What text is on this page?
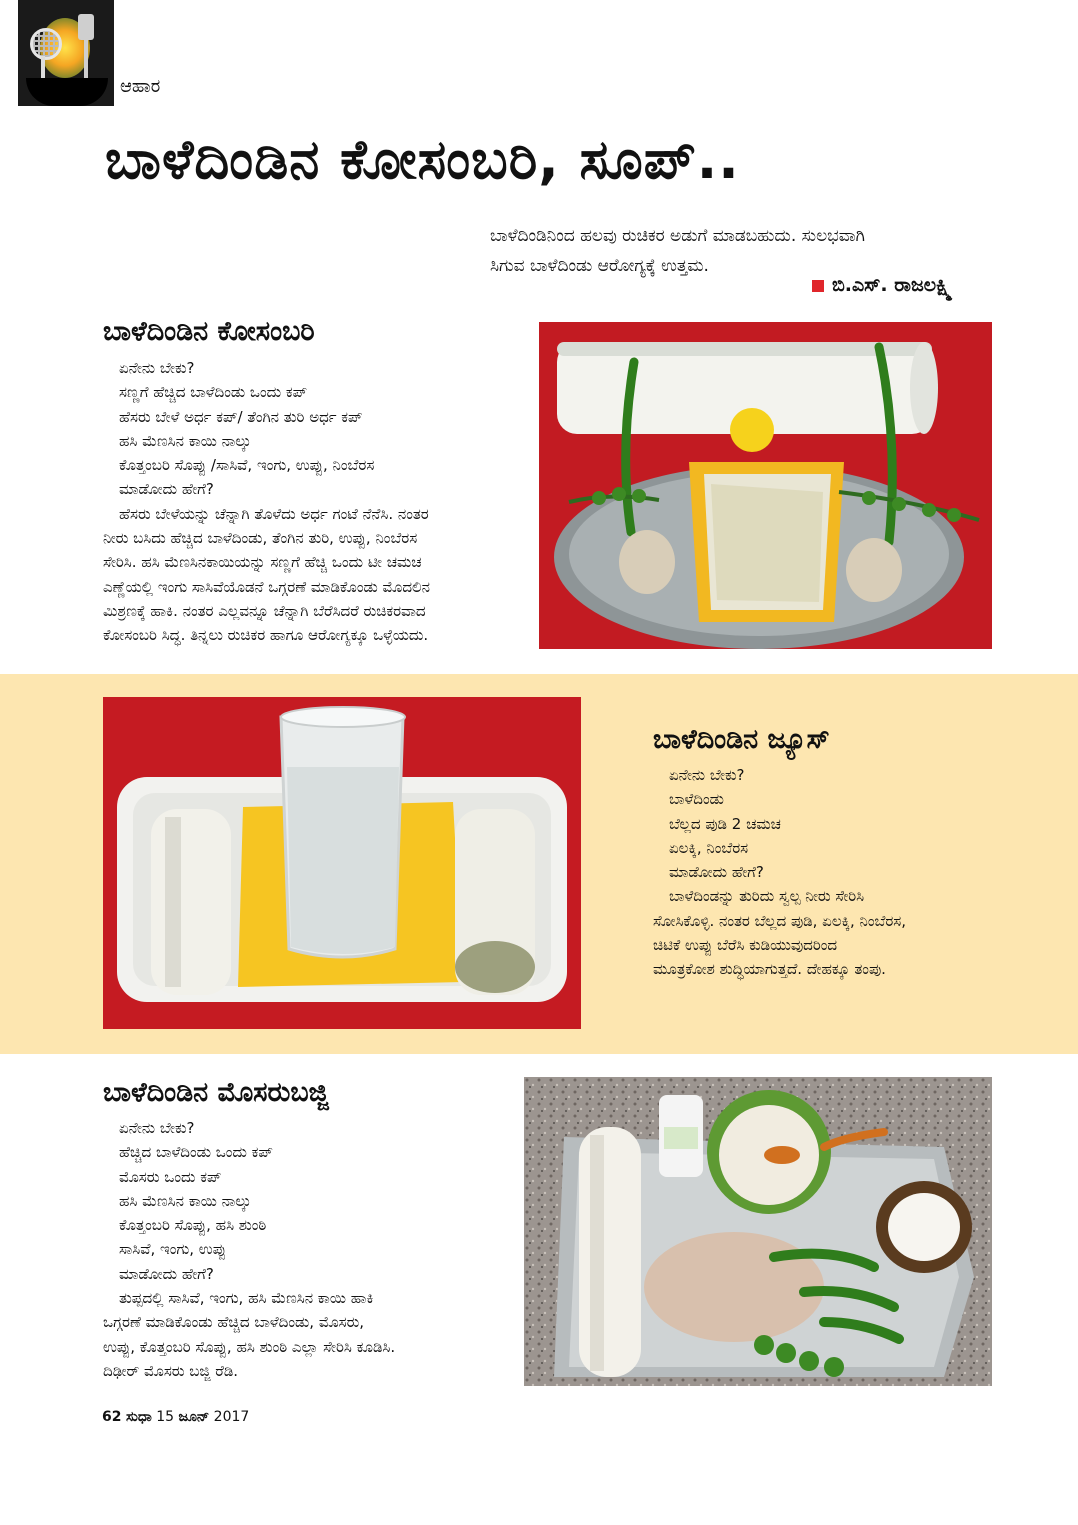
ಆಹಾರ
ಬಾಳೆದಿಂಡಿನ ಕೋಸಂಬರಿ, ಸೂಪ್..
ಬಾಳೆದಿಂಡಿನಿಂದ ಹಲವು ರುಚಿಕರ ಅಡುಗೆ ಮಾಡಬಹುದು. ಸುಲಭವಾಗಿ
ಸಿಗುವ ಬಾಳೆದಿಂಡು ಆರೋಗ್ಯಕ್ಕೆ ಉತ್ತಮ.
ಬಿ.ಎಸ್. ರಾಜಲಕ್ಷ್ಮಿ
ಬಾಳೆದಿಂಡಿನ ಕೋಸಂಬರಿ

ಏನೇನು ಬೇಕು?

ಸಣ್ಣಗೆ ಹೆಚ್ಚಿದ ಬಾಳೆದಿಂಡು ಒಂದು ಕಪ್

ಹೆಸರು ಬೇಳೆ ಅರ್ಧ ಕಪ್/ ತೆಂಗಿನ ತುರಿ ಅರ್ಧ ಕಪ್

ಹಸಿ ಮೆಣಸಿನ ಕಾಯಿ ನಾಲ್ಕು

ಕೊತ್ತಂಬರಿ ಸೊಪ್ಪು /ಸಾಸಿವೆ, ಇಂಗು, ಉಪ್ಪು, ನಿಂಬೆರಸ

ಮಾಡೋದು ಹೇಗೆ?

ಹೆಸರು ಬೇಳೆಯನ್ನು ಚೆನ್ನಾಗಿ ತೊಳೆದು ಅರ್ಧ ಗಂಟೆ ನೆನೆಸಿ. ನಂತರ

ನೀರು ಬಸಿದು ಹೆಚ್ಚಿದ ಬಾಳೆದಿಂಡು, ತೆಂಗಿನ ತುರಿ, ಉಪ್ಪು, ನಿಂಬೆರಸ

ಸೇರಿಸಿ. ಹಸಿ ಮೆಣಸಿನಕಾಯಿಯನ್ನು ಸಣ್ಣಗೆ ಹೆಚ್ಚಿ ಒಂದು ಟೀ ಚಮಚ

ಎಣ್ಣೆಯಲ್ಲಿ ಇಂಗು ಸಾಸಿವೆಯೊಡನೆ ಒಗ್ಗರಣೆ ಮಾಡಿಕೊಂಡು ಮೊದಲಿನ

ಮಿಶ್ರಣಕ್ಕೆ ಹಾಕಿ. ನಂತರ ಎಲ್ಲವನ್ನೂ ಚೆನ್ನಾಗಿ ಬೆರೆಸಿದರೆ ರುಚಿಕರವಾದ

ಕೋಸಂಬರಿ ಸಿದ್ಧ. ತಿನ್ನಲು ರುಚಿಕರ ಹಾಗೂ ಆರೋಗ್ಯಕ್ಕೂ ಒಳ್ಳೆಯದು.

ಬಾಳೆದಿಂಡಿನ ಜ್ಯೂಸ್

ಏನೇನು ಬೇಕು?

ಬಾಳೆದಿಂಡು

ಬೆಲ್ಲದ ಪುಡಿ 2 ಚಮಚ

ಏಲಕ್ಕಿ, ನಿಂಬೆರಸ

ಮಾಡೋದು ಹೇಗೆ?

ಬಾಳೆದಿಂಡನ್ನು ತುರಿದು ಸ್ವಲ್ಪ ನೀರು ಸೇರಿಸಿ

ಸೋಸಿಕೊಳ್ಳಿ. ನಂತರ ಬೆಲ್ಲದ ಪುಡಿ, ಏಲಕ್ಕಿ, ನಿಂಬೆರಸ,

ಚಿಟಿಕೆ ಉಪ್ಪು ಬೆರೆಸಿ ಕುಡಿಯುವುದರಿಂದ

ಮೂತ್ರಕೋಶ ಶುದ್ಧಿಯಾಗುತ್ತದೆ. ದೇಹಕ್ಕೂ ತಂಪು.

ಬಾಳೆದಿಂಡಿನ ಮೊಸರುಬಜ್ಜಿ

ಏನೇನು ಬೇಕು?

ಹೆಚ್ಚಿದ ಬಾಳೆದಿಂಡು ಒಂದು ಕಪ್

ಮೊಸರು ಒಂದು ಕಪ್

ಹಸಿ ಮೆಣಸಿನ ಕಾಯಿ ನಾಲ್ಕು

ಕೊತ್ತಂಬರಿ ಸೊಪ್ಪು, ಹಸಿ ಶುಂಠಿ

ಸಾಸಿವೆ, ಇಂಗು, ಉಪ್ಪು

ಮಾಡೋದು ಹೇಗೆ?

ತುಪ್ಪದಲ್ಲಿ ಸಾಸಿವೆ, ಇಂಗು, ಹಸಿ ಮೆಣಸಿನ ಕಾಯಿ ಹಾಕಿ

ಒಗ್ಗರಣೆ ಮಾಡಿಕೊಂಡು ಹೆಚ್ಚಿದ ಬಾಳೆದಿಂಡು, ಮೊಸರು,

ಉಪ್ಪು, ಕೊತ್ತಂಬರಿ ಸೊಪ್ಪು, ಹಸಿ ಶುಂಠಿ ಎಲ್ಲಾ ಸೇರಿಸಿ ಕೂಡಿಸಿ.

ದಿಢೀರ್ ಮೊಸರು ಬಜ್ಜಿ ರೆಡಿ.

62 ಸುಧಾ 15 ಜೂನ್ 2017
